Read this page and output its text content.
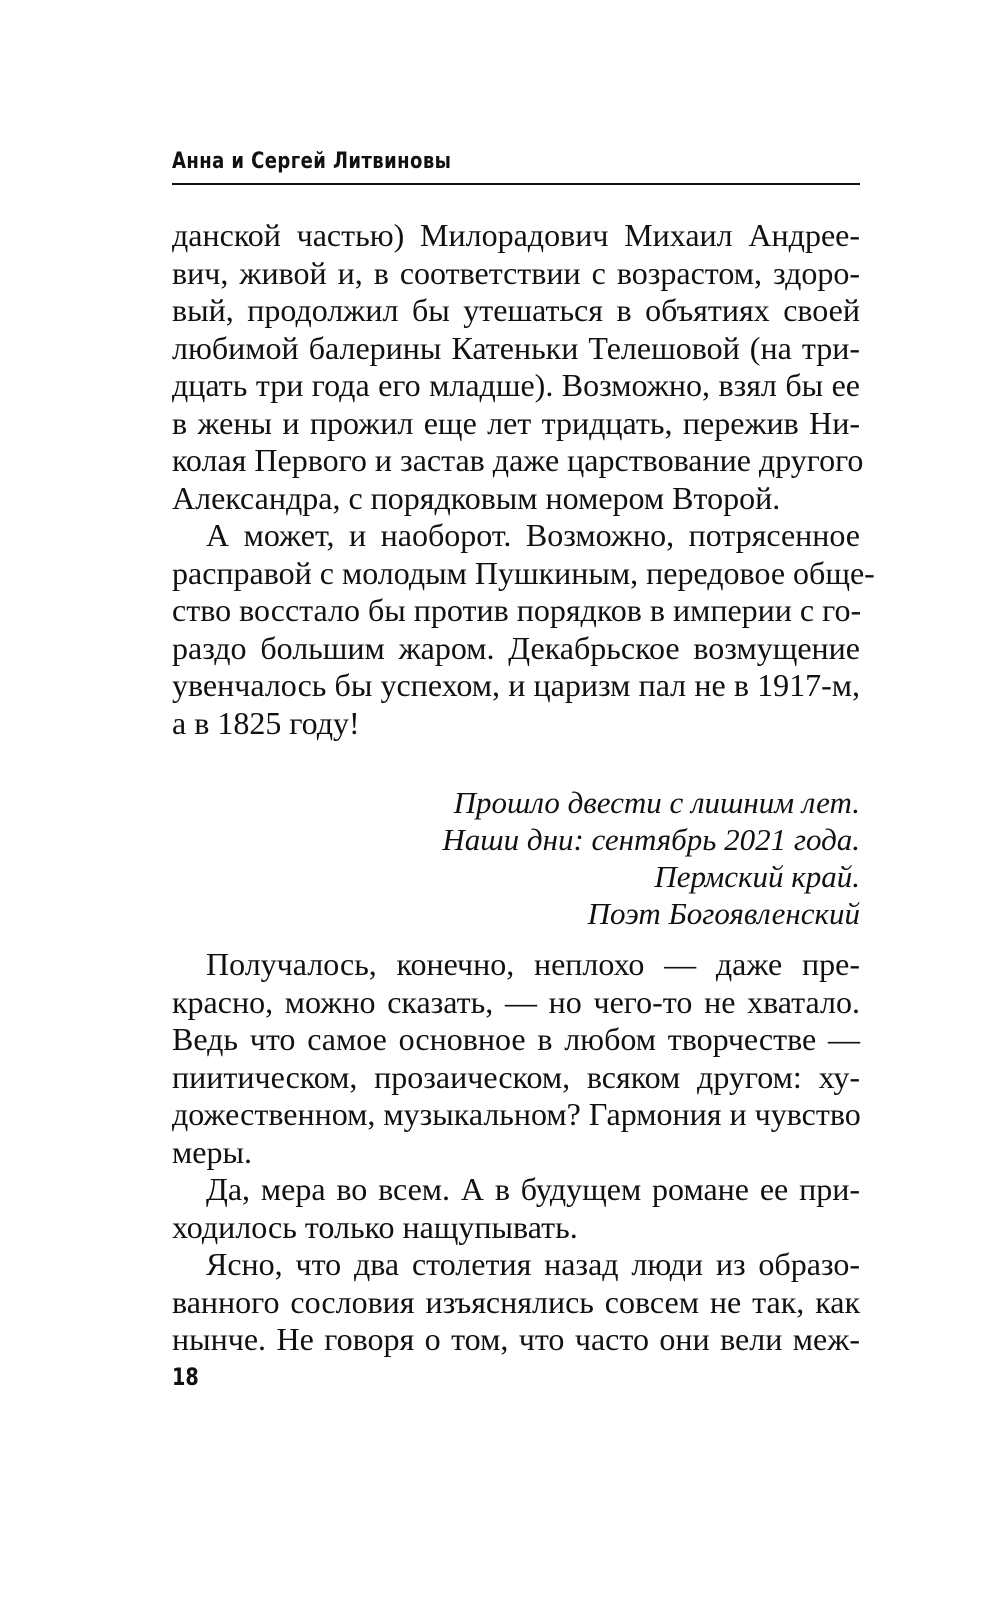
Анна и Сергей Литвиновы
данской частью) Милорадович Михаил Андрее-
вич, живой и, в соответствии с возрастом, здоро-
вый, продолжил бы утешаться в объятиях своей
любимой балерины Катеньки Телешовой (на три-
дцать три года его младше). Возможно, взял бы ее
в жены и прожил еще лет тридцать, пережив Ни-
колая Первого и застав даже царствование другого
Александра, с порядковым номером Второй.
А может, и наоборот. Возможно, потрясенное
расправой с молодым Пушкиным, передовое обще-
ство восстало бы против порядков в империи с го-
раздо большим жаром. Декабрьское возмущение
увенчалось бы успехом, и царизм пал не в 1917-м,
а в 1825 году!
Прошло двести с лишним лет.
Наши дни: сентябрь 2021 года.
Пермский край.
Поэт Богоявленский
Получалось, конечно, неплохо — даже пре-
красно, можно сказать, — но чего-то не хватало.
Ведь что самое основное в любом творчестве —
пиитическом, прозаическом, всяком другом: ху-
дожественном, музыкальном? Гармония и чувство
меры.
Да, мера во всем. А в будущем романе ее при-
ходилось только нащупывать.
Ясно, что два столетия назад люди из образо-
ванного сословия изъяснялись совсем не так, как
нынче. Не говоря о том, что часто они вели меж-
18
